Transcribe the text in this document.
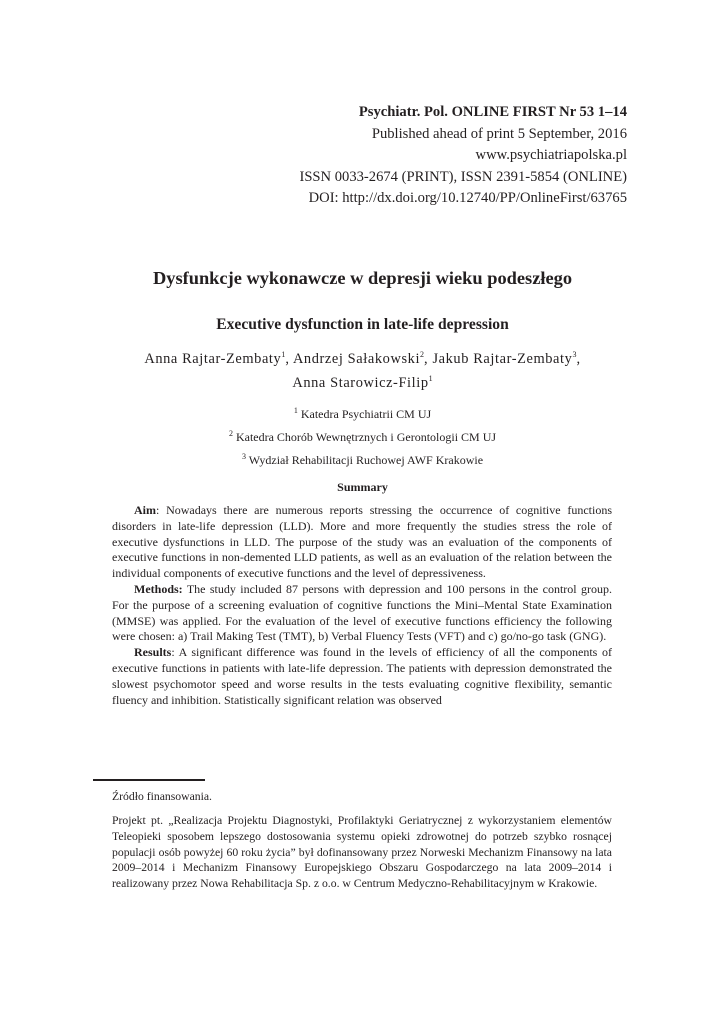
Psychiatr. Pol. ONLINE FIRST Nr 53 1–14
Published ahead of print 5 September, 2016
www.psychiatriapolska.pl
ISSN 0033-2674 (PRINT), ISSN 2391-5854 (ONLINE)
DOI: http://dx.doi.org/10.12740/PP/OnlineFirst/63765
Dysfunkcje wykonawcze w depresji wieku podeszłego
Executive dysfunction in late-life depression
Anna Rajtar-Zembaty$^1$, Andrzej Sałakowski$^2$, Jakub Rajtar-Zembaty$^3$,
Anna Starowicz-Filip$^1$
$^1$ Katedra Psychiatrii CM UJ
$^2$ Katedra Chorób Wewnętrznych i Gerontologii CM UJ
$^3$ Wydział Rehabilitacji Ruchowej AWF Krakowie
Summary

Aim: Nowadays there are numerous reports stressing the occurrence of cognitive functions disorders in late-life depression (LLD). More and more frequently the studies stress the role of executive dysfunctions in LLD. The purpose of the study was an evaluation of the components of executive functions in non-demented LLD patients, as well as an evaluation of the relation between the individual components of executive functions and the level of depressiveness.

Methods: The study included 87 persons with depression and 100 persons in the control group. For the purpose of a screening evaluation of cognitive functions the Mini–Mental State Examination (MMSE) was applied. For the evaluation of the level of executive functions efficiency the following were chosen: a) Trail Making Test (TMT), b) Verbal Fluency Tests (VFT) and c) go/no-go task (GNG).

Results: A significant difference was found in the levels of efficiency of all the components of executive functions in patients with late-life depression. The patients with depression demonstrated the slowest psychomotor speed and worse results in the tests evaluating cognitive flexibility, semantic fluency and inhibition. Statistically significant relation was observed

Źródło finansowania.
Projekt pt. „Realizacja Projektu Diagnostyki, Profilaktyki Geriatrycznej z wykorzystaniem elementów Teleopieki sposobem lepszego dostosowania systemu opieki zdrowotnej do potrzeb szybko rosnącej populacji osób powyżej 60 roku życia” był dofinansowany przez Norweski Mechanizm Finansowy na lata 2009–2014 i Mechanizm Finansowy Europejskiego Obszaru Gospodarczego na lata 2009–2014 i realizowany przez Nowa Rehabilitacja Sp. z o.o. w Centrum Medyczno-Rehabilitacyjnym w Krakowie.
